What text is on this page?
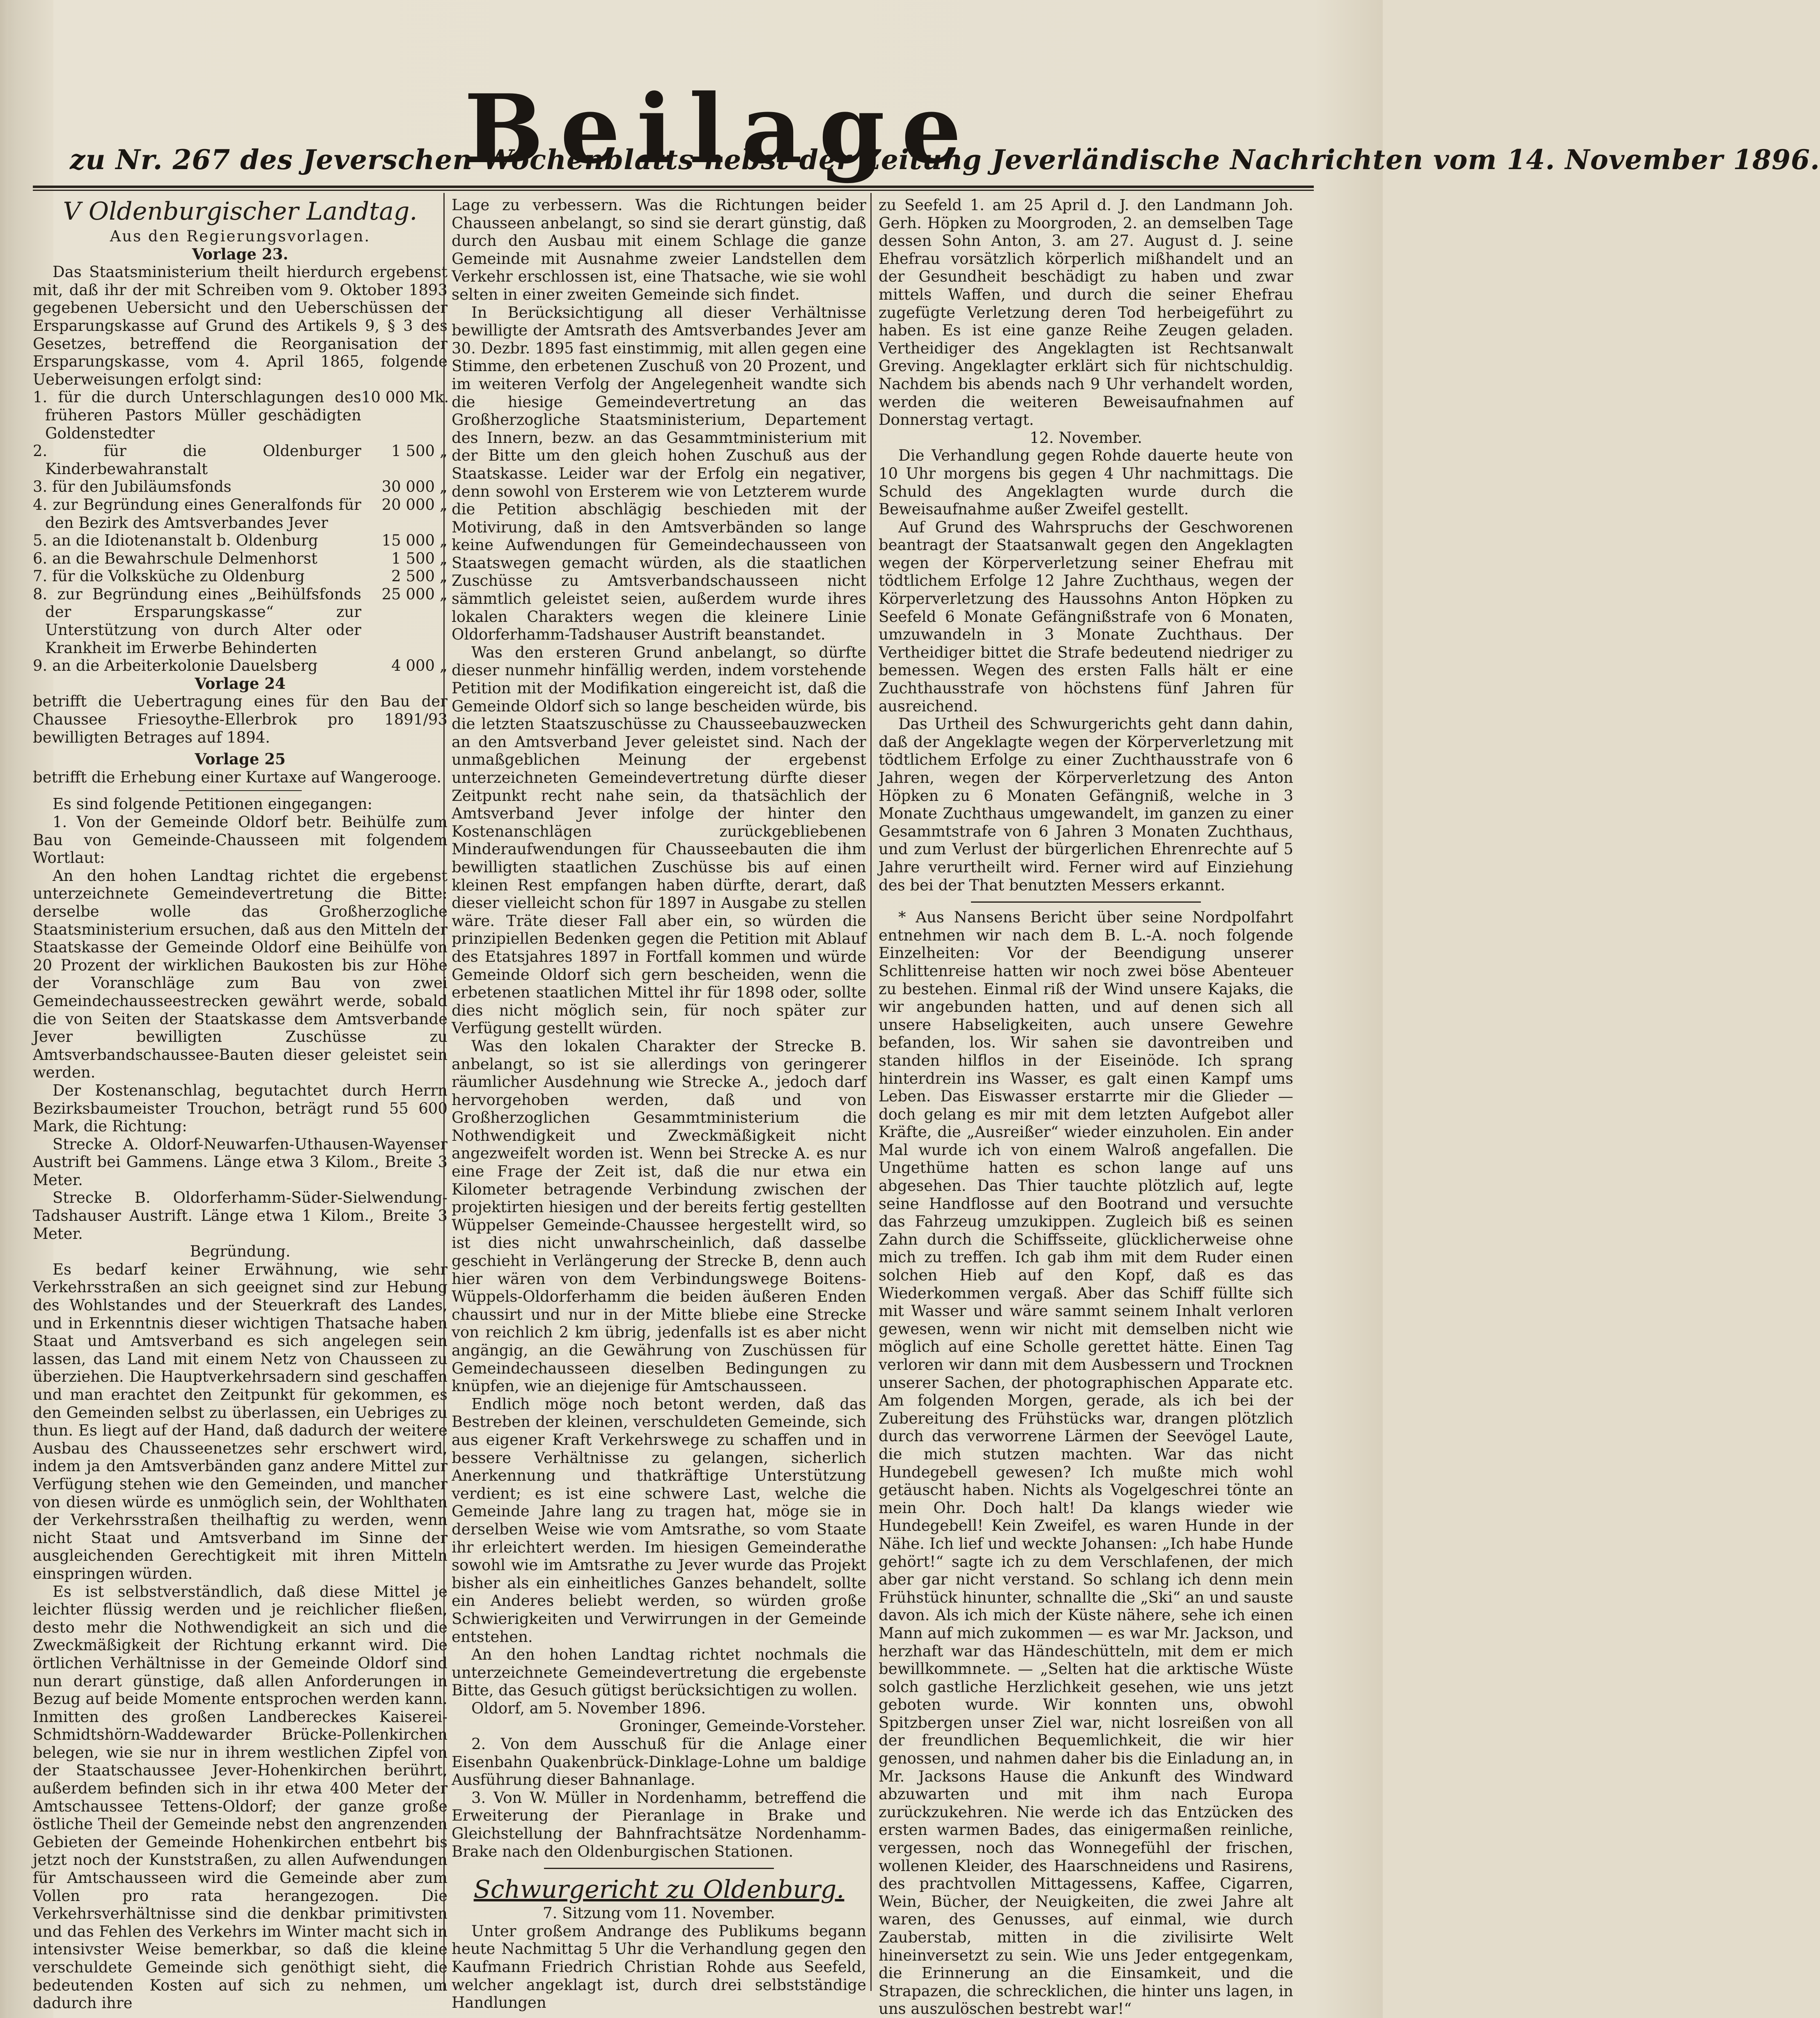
Beilage
zu Nr. 267 des Jeverschen Wochenblatts nebst der Zeitung Jeverländische Nachrichten vom 14. November 1896.
V Oldenburgischer Landtag.

Aus den Regierungsvorlagen.

Vorlage 23.

Das Staatsministerium theilt hierdurch ergebenst mit, daß ihr der mit Schreiben vom 9. Oktober 1893 gegebenen Uebersicht und den Ueberschüssen der Ersparungskasse auf Grund des Artikels 9, § 3 des Gesetzes, betreffend die Reorganisation der Ersparungskasse, vom 4. April 1865, folgende Ueberweisungen erfolgt sind:

1. für die durch Unterschlagungen des früheren Pastors Müller geschädigten Goldenstedter
10 000 Mk.
2. für die Oldenburger Kinderbewahranstalt
1 500 „
3. für den Jubiläumsfonds	30 000 „
4. zur Begründung eines Generalfonds für den Bezirk des Amtsverbandes Jever
20 000 „
5. an die Idiotenanstalt b. Oldenburg	15 000 „
6. an die Bewahrschule Delmenhorst	1 500 „
7. für die Volksküche zu Oldenburg	2 500 „
8. zur Begründung eines „Beihülfsfonds der Ersparungskasse“ zur Unterstützung von durch Alter oder Krankheit im Erwerbe Behinderten
25 000 „
9. an die Arbeiterkolonie Dauelsberg	4 000 „

Vorlage 24

betrifft die Uebertragung eines für den Bau der Chaussee Friesoythe-Ellerbrok pro 1891/93 bewilligten Betrages auf 1894.

Vorlage 25

betrifft die Erhebung einer Kurtaxe auf Wangerooge.

Es sind folgende Petitionen eingegangen:

1. Von der Gemeinde Oldorf betr. Beihülfe zum Bau von Gemeinde-Chausseen mit folgendem Wortlaut:

An den hohen Landtag richtet die ergebenst unterzeichnete Gemeindevertretung die Bitte: derselbe wolle das Großherzogliche Staatsministerium ersuchen, daß aus den Mitteln der Staatskasse der Gemeinde Oldorf eine Beihülfe von 20 Prozent der wirklichen Baukosten bis zur Höhe der Voranschläge zum Bau von zwei Gemeindechausseestrecken gewährt werde, sobald die von Seiten der Staatskasse dem Amtsverbande Jever bewilligten Zuschüsse zu Amtsverbandschaussee-Bauten dieser geleistet sein werden.

Der Kostenanschlag, begutachtet durch Herrn Bezirksbaumeister Trouchon, beträgt rund 55 600 Mark, die Richtung:

Strecke A. Oldorf-Neuwarfen-Uthausen-Wayenser Austrift bei Gammens. Länge etwa 3 Kilom., Breite 3 Meter.

Strecke B. Oldorferhamm-Süder-Sielwendung-Tadshauser Austrift. Länge etwa 1 Kilom., Breite 3 Meter.

Begründung.

Es bedarf keiner Erwähnung, wie sehr Verkehrsstraßen an sich geeignet sind zur Hebung des Wohlstandes und der Steuerkraft des Landes, und in Erkenntnis dieser wichtigen Thatsache haben Staat und Amtsverband es sich angelegen sein lassen, das Land mit einem Netz von Chausseen zu überziehen. Die Hauptverkehrsadern sind geschaffen und man erachtet den Zeitpunkt für gekommen, es den Gemeinden selbst zu überlassen, ein Uebriges zu thun. Es liegt auf der Hand, daß dadurch der weitere Ausbau des Chausseenetzes sehr erschwert wird, indem ja den Amtsverbänden ganz andere Mittel zur Verfügung stehen wie den Gemeinden, und mancher von diesen würde es unmöglich sein, der Wohlthaten der Verkehrsstraßen theilhaftig zu werden, wenn nicht Staat und Amtsverband im Sinne der ausgleichenden Gerechtigkeit mit ihren Mitteln einspringen würden.

Es ist selbstverständlich, daß diese Mittel je leichter flüssig werden und je reichlicher fließen, desto mehr die Nothwendigkeit an sich und die Zweckmäßigkeit der Richtung erkannt wird. Die örtlichen Verhältnisse in der Gemeinde Oldorf sind nun derart günstige, daß allen Anforderungen in Bezug auf beide Momente entsprochen werden kann. Inmitten des großen Landbereckes Kaiserei-Schmidtshörn-Waddewarder Brücke-Pollenkirchen belegen, wie sie nur in ihrem westlichen Zipfel von der Staatschaussee Jever-Hohenkirchen berührt, außerdem befinden sich in ihr etwa 400 Meter der Amtschaussee Tettens-Oldorf; der ganze große östliche Theil der Gemeinde nebst den angrenzenden Gebieten der Gemeinde Hohenkirchen entbehrt bis jetzt noch der Kunststraßen, zu allen Aufwendungen für Amtschausseen wird die Gemeinde aber zum Vollen pro rata herangezogen. Die Verkehrsverhältnisse sind die denkbar primitivsten und das Fehlen des Verkehrs im Winter macht sich in intensivster Weise bemerkbar, so daß die kleine verschuldete Gemeinde sich genöthigt sieht, die bedeutenden Kosten auf sich zu nehmen, um dadurch ihre

Lage zu verbessern. Was die Richtungen beider Chausseen anbelangt, so sind sie derart günstig, daß durch den Ausbau mit einem Schlage die ganze Gemeinde mit Ausnahme zweier Landstellen dem Verkehr erschlossen ist, eine Thatsache, wie sie wohl selten in einer zweiten Gemeinde sich findet.

In Berücksichtigung all dieser Verhältnisse bewilligte der Amtsrath des Amtsverbandes Jever am 30. Dezbr. 1895 fast einstimmig, mit allen gegen eine Stimme, den erbetenen Zuschuß von 20 Prozent, und im weiteren Verfolg der Angelegenheit wandte sich die hiesige Gemeindevertretung an das Großherzogliche Staatsministerium, Departement des Innern, bezw. an das Gesammtministerium mit der Bitte um den gleich hohen Zuschuß aus der Staatskasse. Leider war der Erfolg ein negativer, denn sowohl von Ersterem wie von Letzterem wurde die Petition abschlägig beschieden mit der Motivirung, daß in den Amtsverbänden so lange keine Aufwendungen für Gemeindechausseen von Staatswegen gemacht würden, als die staatlichen Zuschüsse zu Amtsverbandschausseen nicht sämmtlich geleistet seien, außerdem wurde ihres lokalen Charakters wegen die kleinere Linie Oldorferhamm-Tadshauser Austrift beanstandet.

Was den ersteren Grund anbelangt, so dürfte dieser nunmehr hinfällig werden, indem vorstehende Petition mit der Modifikation eingereicht ist, daß die Gemeinde Oldorf sich so lange bescheiden würde, bis die letzten Staatszuschüsse zu Chausseebauzwecken an den Amtsverband Jever geleistet sind. Nach der unmaßgeblichen Meinung der ergebenst unterzeichneten Gemeindevertretung dürfte dieser Zeitpunkt recht nahe sein, da thatsächlich der Amtsverband Jever infolge der hinter den Kostenanschlägen zurückgebliebenen Minderaufwendungen für Chausseebauten die ihm bewilligten staatlichen Zuschüsse bis auf einen kleinen Rest empfangen haben dürfte, derart, daß dieser vielleicht schon für 1897 in Ausgabe zu stellen wäre. Träte dieser Fall aber ein, so würden die prinzipiellen Bedenken gegen die Petition mit Ablauf des Etatsjahres 1897 in Fortfall kommen und würde Gemeinde Oldorf sich gern bescheiden, wenn die erbetenen staatlichen Mittel ihr für 1898 oder, sollte dies nicht möglich sein, für noch später zur Verfügung gestellt würden.

Was den lokalen Charakter der Strecke B. anbelangt, so ist sie allerdings von geringerer räumlicher Ausdehnung wie Strecke A., jedoch darf hervorgehoben werden, daß und von Großherzoglichen Gesammtministerium die Nothwendigkeit und Zweckmäßigkeit nicht angezweifelt worden ist. Wenn bei Strecke A. es nur eine Frage der Zeit ist, daß die nur etwa ein Kilometer betragende Verbindung zwischen der projektirten hiesigen und der bereits fertig gestellten Wüppelser Gemeinde-Chaussee hergestellt wird, so ist dies nicht unwahrscheinlich, daß dasselbe geschieht in Verlängerung der Strecke B, denn auch hier wären von dem Verbindungswege Boitens-Wüppels-Oldorferhamm die beiden äußeren Enden chaussirt und nur in der Mitte bliebe eine Strecke von reichlich 2 km übrig, jedenfalls ist es aber nicht angängig, an die Gewährung von Zuschüssen für Gemeindechausseen dieselben Bedingungen zu knüpfen, wie an diejenige für Amtschausseen.

Endlich möge noch betont werden, daß das Bestreben der kleinen, verschuldeten Gemeinde, sich aus eigener Kraft Verkehrswege zu schaffen und in bessere Verhältnisse zu gelangen, sicherlich Anerkennung und thatkräftige Unterstützung verdient; es ist eine schwere Last, welche die Gemeinde Jahre lang zu tragen hat, möge sie in derselben Weise wie vom Amtsrathe, so vom Staate ihr erleichtert werden. Im hiesigen Gemeinderathe sowohl wie im Amtsrathe zu Jever wurde das Projekt bisher als ein einheitliches Ganzes behandelt, sollte ein Anderes beliebt werden, so würden große Schwierigkeiten und Verwirrungen in der Gemeinde entstehen.

An den hohen Landtag richtet nochmals die unterzeichnete Gemeindevertretung die ergebenste Bitte, das Gesuch gütigst berücksichtigen zu wollen.

Oldorf, am 5. November 1896.

Groninger, Gemeinde-Vorsteher.

2. Von dem Ausschuß für die Anlage einer Eisenbahn Quakenbrück-Dinklage-Lohne um baldige Ausführung dieser Bahnanlage.

3. Von W. Müller in Nordenhamm, betreffend die Erweiterung der Pieranlage in Brake und Gleichstellung der Bahnfrachtsätze Nordenhamm-Brake nach den Oldenburgischen Stationen.

Schwurgericht zu Oldenburg.

7. Sitzung vom 11. November.

Unter großem Andrange des Publikums begann heute Nachmittag 5 Uhr die Verhandlung gegen den Kaufmann Friedrich Christian Rohde aus Seefeld, welcher angeklagt ist, durch drei selbstständige Handlungen

zu Seefeld 1. am 25 April d. J. den Landmann Joh. Gerh. Höpken zu Moorgroden, 2. an demselben Tage dessen Sohn Anton, 3. am 27. August d. J. seine Ehefrau vorsätzlich körperlich mißhandelt und an der Gesundheit beschädigt zu haben und zwar mittels Waffen, und durch die seiner Ehefrau zugefügte Verletzung deren Tod herbeigeführt zu haben. Es ist eine ganze Reihe Zeugen geladen. Vertheidiger des Angeklagten ist Rechtsanwalt Greving. Angeklagter erklärt sich für nichtschuldig. Nachdem bis abends nach 9 Uhr verhandelt worden, werden die weiteren Beweisaufnahmen auf Donnerstag vertagt.

12. November.

Die Verhandlung gegen Rohde dauerte heute von 10 Uhr morgens bis gegen 4 Uhr nachmittags. Die Schuld des Angeklagten wurde durch die Beweisaufnahme außer Zweifel gestellt.

Auf Grund des Wahrspruchs der Geschworenen beantragt der Staatsanwalt gegen den Angeklagten wegen der Körperverletzung seiner Ehefrau mit tödtlichem Erfolge 12 Jahre Zuchthaus, wegen der Körperverletzung des Haussohns Anton Höpken zu Seefeld 6 Monate Gefängnißstrafe von 6 Monaten, umzuwandeln in 3 Monate Zuchthaus. Der Vertheidiger bittet die Strafe bedeutend niedriger zu bemessen. Wegen des ersten Falls hält er eine Zuchthausstrafe von höchstens fünf Jahren für ausreichend.

Das Urtheil des Schwurgerichts geht dann dahin, daß der Angeklagte wegen der Körperverletzung mit tödtlichem Erfolge zu einer Zuchthausstrafe von 6 Jahren, wegen der Körperverletzung des Anton Höpken zu 6 Monaten Gefängniß, welche in 3 Monate Zuchthaus umgewandelt, im ganzen zu einer Gesammtstrafe von 6 Jahren 3 Monaten Zuchthaus, und zum Verlust der bürgerlichen Ehrenrechte auf 5 Jahre verurtheilt wird. Ferner wird auf Einziehung des bei der That benutzten Messers erkannt.

* Aus Nansens Bericht über seine Nordpolfahrt entnehmen wir nach dem B. L.-A. noch folgende Einzelheiten: Vor der Beendigung unserer Schlittenreise hatten wir noch zwei böse Abenteuer zu bestehen. Einmal riß der Wind unsere Kajaks, die wir angebunden hatten, und auf denen sich all unsere Habseligkeiten, auch unsere Gewehre befanden, los. Wir sahen sie davontreiben und standen hilflos in der Eiseinöde. Ich sprang hinterdrein ins Wasser, es galt einen Kampf ums Leben. Das Eiswasser erstarrte mir die Glieder — doch gelang es mir mit dem letzten Aufgebot aller Kräfte, die „Ausreißer“ wieder einzuholen. Ein ander Mal wurde ich von einem Walroß angefallen. Die Ungethüme hatten es schon lange auf uns abgesehen. Das Thier tauchte plötzlich auf, legte seine Handflosse auf den Bootrand und versuchte das Fahrzeug umzukippen. Zugleich biß es seinen Zahn durch die Schiffsseite, glücklicherweise ohne mich zu treffen. Ich gab ihm mit dem Ruder einen solchen Hieb auf den Kopf, daß es das Wiederkommen vergaß. Aber das Schiff füllte sich mit Wasser und wäre sammt seinem Inhalt verloren gewesen, wenn wir nicht mit demselben nicht wie möglich auf eine Scholle gerettet hätte. Einen Tag verloren wir dann mit dem Ausbessern und Trocknen unserer Sachen, der photographischen Apparate etc. Am folgenden Morgen, gerade, als ich bei der Zubereitung des Frühstücks war, drangen plötzlich durch das verworrene Lärmen der Seevögel Laute, die mich stutzen machten. War das nicht Hundegebell gewesen? Ich mußte mich wohl getäuscht haben. Nichts als Vogelgeschrei tönte an mein Ohr. Doch halt! Da klangs wieder wie Hundegebell! Kein Zweifel, es waren Hunde in der Nähe. Ich lief und weckte Johansen: „Ich habe Hunde gehört!“ sagte ich zu dem Verschlafenen, der mich aber gar nicht verstand. So schlang ich denn mein Frühstück hinunter, schnallte die „Ski“ an und sauste davon. Als ich mich der Küste nähere, sehe ich einen Mann auf mich zukommen — es war Mr. Jackson, und herzhaft war das Händeschütteln, mit dem er mich bewillkommnete. — „Selten hat die arktische Wüste solch gastliche Herzlichkeit gesehen, wie uns jetzt geboten wurde. Wir konnten uns, obwohl Spitzbergen unser Ziel war, nicht losreißen von all der freundlichen Bequemlichkeit, die wir hier genossen, und nahmen daher bis die Einladung an, in Mr. Jacksons Hause die Ankunft des Windward abzuwarten und mit ihm nach Europa zurückzukehren. Nie werde ich das Entzücken des ersten warmen Bades, das einigermaßen reinliche, vergessen, noch das Wonnegefühl der frischen, wollenen Kleider, des Haarschneidens und Rasirens, des prachtvollen Mittagessens, Kaffee, Cigarren, Wein, Bücher, der Neuigkeiten, die zwei Jahre alt waren, des Genusses, auf einmal, wie durch Zauberstab, mitten in die zivilisirte Welt hineinversetzt zu sein. Wie uns Jeder entgegenkam, die Erinnerung an die Einsamkeit, und die Strapazen, die schrecklichen, die hinter uns lagen, in uns auszulöschen bestrebt war!“
